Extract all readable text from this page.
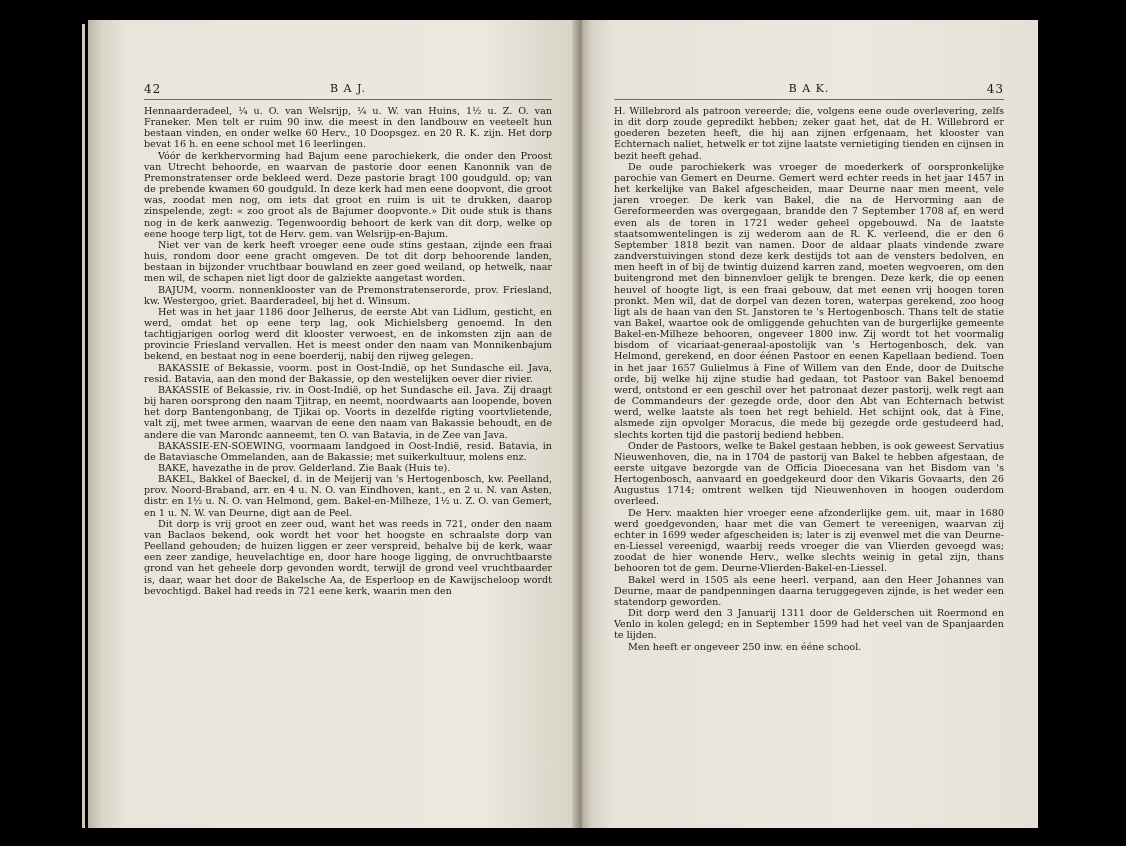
42	B A J.

Hennaarderadeel, ¼ u. O. van Welsrijp, ¼ u. W. van Huins, 1½ u. Z. O. van Franeker. Men telt er ruim 90 inw. die meest in den landbouw en veeteelt hun bestaan vinden, en onder welke 60 Herv., 10 Doopsgez. en 20 R. K. zijn. Het dorp bevat 16 h. en eene school met 16 leerlingen.

Vóór de kerkhervorming had Bajum eene parochiekerk, die onder den Proost van Utrecht behoorde, en waarvan de pastorie door eenen Kanonnik van de Premonstratenser orde bekleed werd. Deze pastorie bragt 100 goudguld. op; van de prebende kwamen 60 goudguld. In deze kerk had men eene doopvont, die groot was, zoodat men nog, om iets dat groot en ruim is uit te drukken, daarop zinspelende, zegt: « zoo groot als de Bajumer doopvonte.» Dit oude stuk is thans nog in de kerk aanwezig. Tegenwoordig behoort de kerk van dit dorp, welke op eene hooge terp ligt, tot de Herv. gem. van Welsrijp-en-Bajum.

Niet ver van de kerk heeft vroeger eene oude stins gestaan, zijnde een fraai huis, rondom door eene gracht omgeven. De tot dit dorp behoorende landen, bestaan in bijzonder vruchtbaar bouwland en zeer goed weiland, op hetwelk, naar men wil, de schapen niet ligt door de galziekte aangetast worden.

BAJUM, voorm. nonnenklooster van de Premonstratenserorde, prov. Friesland, kw. Westergoo, griet. Baarderadeel, bij het d. Winsum.

Het was in het jaar 1186 door Jelherus, de eerste Abt van Lidlum, gesticht, en werd, omdat het op eene terp lag, ook Michielsberg genoemd. In den tachtigjarigen oorlog werd dit klooster verwoest, en de inkomsten zijn aan de provincie Friesland vervallen. Het is meest onder den naam van Monnikenbajum bekend, en bestaat nog in eene boerderij, nabij den rijweg gelegen.

BAKASSIE of Bekassie, voorm. post in Oost-Indië, op het Sundasche eil. Java, resid. Batavia, aan den mond der Bakassie, op den westelijken oever dier rivier.

BAKASSIE of Bekassie, riv. in Oost-Indië, op het Sundasche eil. Java. Zij draagt bij haren oorsprong den naam Tjitrap, en neemt, noordwaarts aan loopende, boven het dorp Bantengonbang, de Tjikai op. Voorts in dezelfde rigting voortvlietende, valt zij, met twee armen, waarvan de eene den naam van Bakassie behoudt, en de andere die van Marondc aanneemt, ten O. van Batavia, in de Zee van Java.

BAKASSIE-EN-SOEWING, voormaam landgoed in Oost-Indië, resid. Batavia, in de Bataviasche Ommelanden, aan de Bakassie; met suikerkultuur, molens enz.

BAKE, havezathe in de prov. Gelderland. Zie Baak (Huis te).

BAKEL, Bakkel of Baeckel, d. in de Meijerij van 's Hertogenbosch, kw. Peelland, prov. Noord-Braband, arr. en 4 u. N. O. van Eindhoven, kant., en 2 u. N. van Asten, distr. en 1½ u. N. O. van Helmond, gem. Bakel-en-Milheze, 1½ u. Z. O. van Gemert, en 1 u. N. W. van Deurne, digt aan de Peel.

Dit dorp is vrij groot en zeer oud, want het was reeds in 721, onder den naam van Baclaos bekend, ook wordt het voor het hoogste en schraalste dorp van Peelland gehouden; de huizen liggen er zeer verspreid, behalve bij de kerk, waar een zeer zandige, heuvelachtige en, door hare hooge ligging, de onvruchtbaarste grond van het geheele dorp gevonden wordt, terwijl de grond veel vruchtbaarder is, daar, waar het door de Bakelsche Aa, de Esperloop en de Kawijscheloop wordt bevochtigd. Bakel had reeds in 721 eene kerk, waarin men den

B A K.	43

H. Willebrord als patroon vereerde; die, volgens eene oude overlevering, zelfs in dit dorp zoude gepredikt hebben; zeker gaat het, dat de H. Willebrord er goederen bezeten heeft, die hij aan zijnen erfgenaam, het klooster van Echternach naliet, hetwelk er tot zijne laatste vernietiging tienden en cijnsen in bezit heeft gehad.

De oude parochiekerk was vroeger de moederkerk of oorspronkelijke parochie van Gemert en Deurne. Gemert werd echter reeds in het jaar 1457 in het kerkelijke van Bakel afgescheiden, maar Deurne naar men meent, vele jaren vroeger. De kerk van Bakel, die na de Hervorming aan de Gereformeerden was overgegaan, brandde den 7 September 1708 af, en werd even als de toren in 1721 weder geheel opgebouwd. Na de laatste staatsomwentelingen is zij wederom aan de R. K. verleend, die er den 6 September 1818 bezit van namen. Door de aldaar plaats vindende zware zandverstuivingen stond deze kerk destijds tot aan de vensters bedolven, en men heeft in of bij de twintig duizend karren zand, moeten wegvoeren, om den buitengrond met den binnenvloer gelijk te brengen. Deze kerk, die op eenen heuvel of hoogte ligt, is een fraai gebouw, dat met eenen vrij hoogen toren pronkt. Men wil, dat de dorpel van dezen toren, waterpas gerekend, zoo hoog ligt als de haan van den St. Janstoren te 's Hertogenbosch. Thans telt de statie van Bakel, waartoe ook de omliggende gehuchten van de burgerlijke gemeente Bakel-en-Milheze behooren, ongeveer 1800 inw. Zij wordt tot het voormalig bisdom of vicariaat-generaal-apostolijk van 's Hertogenbosch, dek. van Helmond, gerekend, en door éénen Pastoor en eenen Kapellaan bediend. Toen in het jaar 1657 Gulielmus à Fine of Willem van den Ende, door de Duitsche orde, bij welke hij zijne studie had gedaan, tot Pastoor van Bakel benoemd werd, ontstond er een geschil over het patronaat dezer pastorij, welk regt aan de Commandeurs der gezegde orde, door den Abt van Echternach betwist werd, welke laatste als toen het regt behield. Het schijnt ook, dat à Fine, alsmede zijn opvolger Moracus, die mede bij gezegde orde gestudeerd had, slechts korten tijd die pastorij bediend hebben.

Onder de Pastoors, welke te Bakel gestaan hebben, is ook geweest Servatius Nieuwenhoven, die, na in 1704 de pastorij van Bakel te hebben afgestaan, de eerste uitgave bezorgde van de Officia Dioecesana van het Bisdom van 's Hertogenbosch, aanvaard en goedgekeurd door den Vikaris Govaarts, den 26 Augustus 1714; omtrent welken tijd Nieuwenhoven in hoogen ouderdom overleed.

De Herv. maakten hier vroeger eene afzonderlijke gem. uit, maar in 1680 werd goedgevonden, haar met die van Gemert te vereenigen, waarvan zij echter in 1699 weder afgescheiden is; later is zij evenwel met die van Deurne-en-Liessel vereenigd, waarbij reeds vroeger die van Vlierden gevoegd was; zoodat de hier wonende Herv., welke slechts weinig in getal zijn, thans behooren tot de gem. Deurne-Vlierden-Bakel-en-Liessel.

Bakel werd in 1505 als eene heerl. verpand, aan den Heer Johannes van Deurne, maar de pandpenningen daarna teruggegeven zijnde, is het weder een statendorp geworden.

Dit dorp werd den 3 Januarij 1311 door de Gelderschen uit Roermond en Venlo in kolen gelegd; en in September 1599 had het veel van de Spanjaarden te lijden.

Men heeft er ongeveer 250 inw. en ééne school.
